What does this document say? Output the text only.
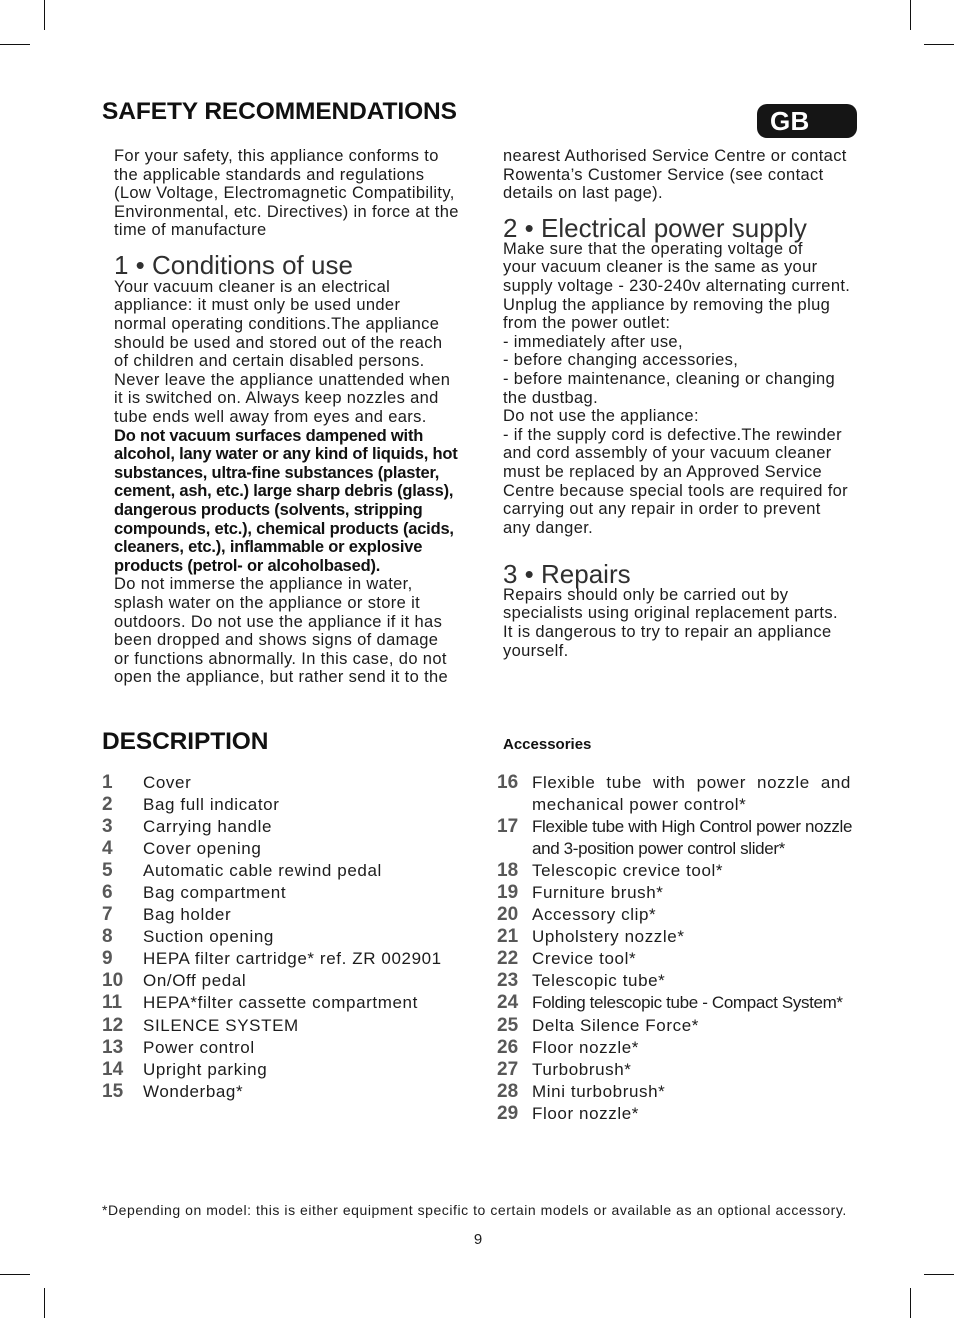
SAFETY RECOMMENDATIONS	GB
For your safety, this appliance conforms to
the applicable standards and regulations
(Low Voltage, Electromagnetic Compatibility,
Environmental, etc. Directives) in force at the
time of manufacture
1 • Conditions of use
Your vacuum cleaner is an electrical
appliance: it must only be used under
normal operating conditions.The appliance
should be used and stored out of the reach
of children and certain disabled persons.
Never leave the appliance unattended when
it is switched on. Always keep nozzles and
tube ends well away from eyes and ears.
Do not vacuum surfaces dampened with
alcohol, lany water or any kind of liquids, hot
substances, ultra-fine substances (plaster,
cement, ash, etc.) large sharp debris (glass),
dangerous products (solvents, stripping
compounds, etc.), chemical products (acids,
cleaners, etc.), inflammable or explosive
products (petrol- or alcoholbased).
Do not immerse the appliance in water,
splash water on the appliance or store it
outdoors. Do not use the appliance if it has
been dropped and shows signs of damage
or functions abnormally. In this case, do not
open the appliance, but rather send it to the
nearest Authorised Service Centre or contact
Rowenta’s Customer Service (see contact
details on last page).
2 • Electrical power supply
Make sure that the operating voltage of
your vacuum cleaner is the same as your
supply voltage - 230-240v alternating current.
Unplug the appliance by removing the plug
from the power outlet:
- immediately after use,
- before changing accessories,
- before maintenance, cleaning or changing
the dustbag.
Do not use the appliance:
- if the supply cord is defective.The rewinder
and cord assembly of your vacuum cleaner
must be replaced by an Approved Service
Centre because special tools are required for
carrying out any repair in order to prevent
any danger.
3 • Repairs
Repairs should only be carried out by
specialists using original replacement parts.
It is dangerous to try to repair an appliance
yourself.
DESCRIPTION	Accessories
1	Cover
2	Bag full indicator
3	Carrying handle
4	Cover opening
5	Automatic cable rewind pedal
6	Bag compartment
7	Bag holder
8	Suction opening
9	HEPA filter cartridge* ref. ZR 002901
10	On/Off pedal
11	HEPA*filter cassette compartment
12	SILENCE SYSTEM
13	Power control
14	Upright parking
15	Wonderbag*
16 Flexible tube with power nozzle and
mechanical power control*
17 Flexible tube with High Control power nozzle
and 3-position power control slider*
18 Telescopic crevice tool*
19 Furniture brush*
20 Accessory clip*
21 Upholstery nozzle*
22 Crevice tool*
23 Telescopic tube*
24 Folding telescopic tube - Compact System*
25 Delta Silence Force*
26 Floor nozzle*
27 Turbobrush*
28 Mini turbobrush*
29 Floor nozzle*
*Depending on model: this is either equipment specific to certain models or available as an optional accessory.
9
